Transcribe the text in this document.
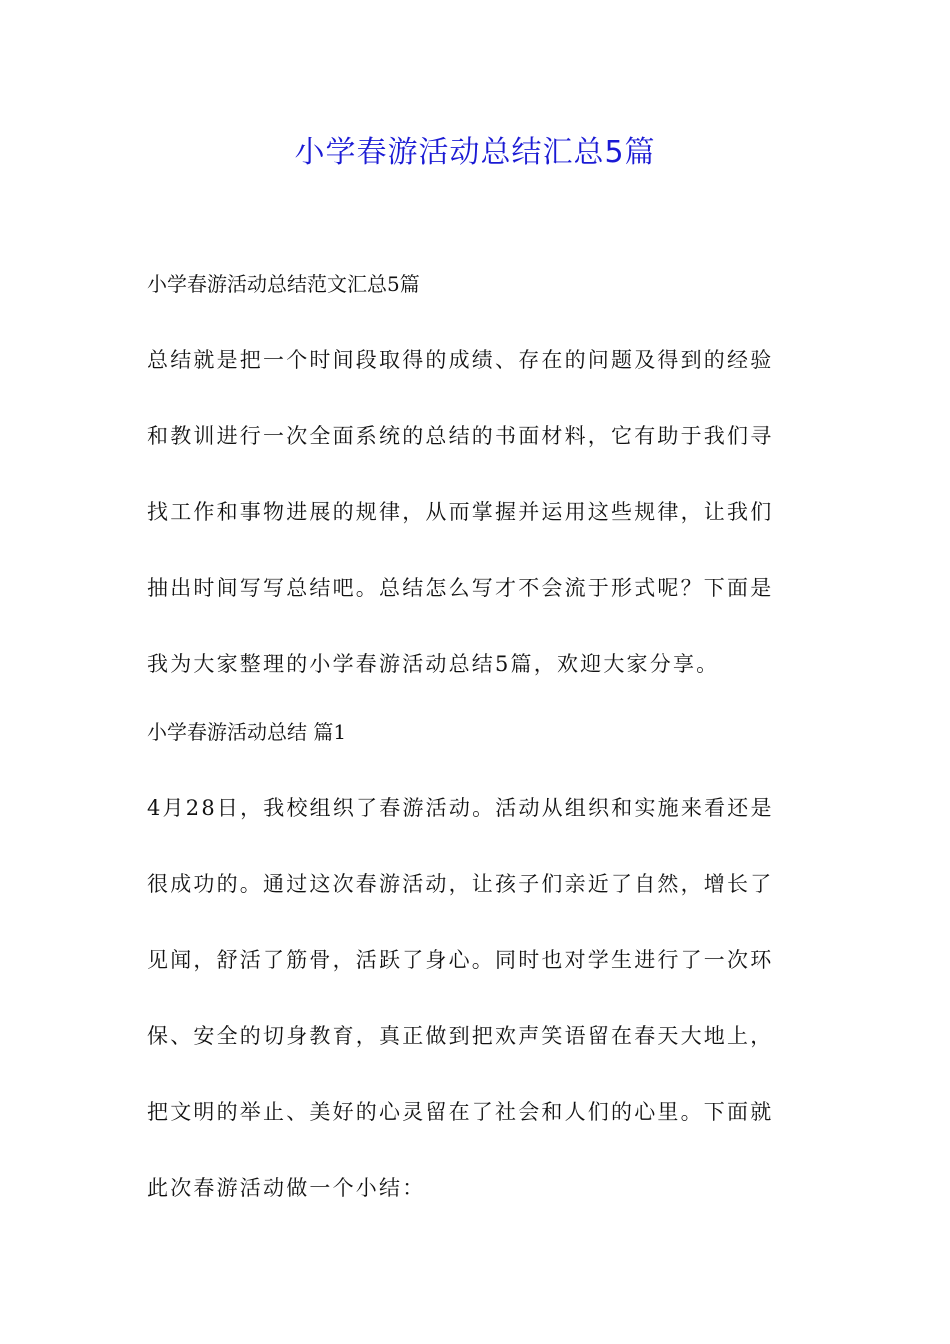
小学春游活动总结汇总5篇

小学春游活动总结范文汇总5篇

总结就是把一个时间段取得的成绩、存在的问题及得到的经验
和教训进行一次全面系统的总结的书面材料，它有助于我们寻
找工作和事物进展的规律，从而掌握并运用这些规律，让我们
抽出时间写写总结吧。总结怎么写才不会流于形式呢？下面是
我为大家整理的小学春游活动总结5篇，欢迎大家分享。

小学春游活动总结 篇1

4月28日，我校组织了春游活动。活动从组织和实施来看还是
很成功的。通过这次春游活动，让孩子们亲近了自然，增长了
见闻，舒活了筋骨，活跃了身心。同时也对学生进行了一次环
保、安全的切身教育，真正做到把欢声笑语留在春天大地上，
把文明的举止、美好的心灵留在了社会和人们的心里。下面就
此次春游活动做一个小结：
